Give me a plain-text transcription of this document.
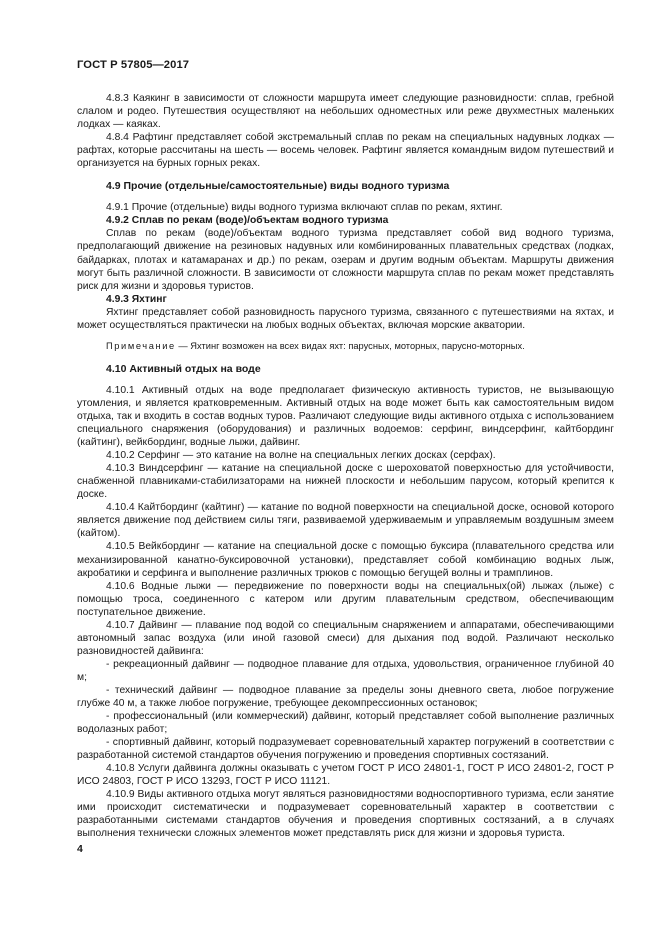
ГОСТ Р 57805—2017

4.8.3 Каякинг в зависимости от сложности маршрута имеет следующие разновидности: сплав, гребной слалом и родео. Путешествия осуществляют на небольших одноместных или реже двухместных маленьких лодках — каяках.

4.8.4 Рафтинг представляет собой экстремальный сплав по рекам на специальных надувных лодках — рафтах, которые рассчитаны на шесть — восемь человек. Рафтинг является командным видом путешествий и организуется на бурных горных реках.

4.9 Прочие (отдельные/самостоятельные) виды водного туризма

4.9.1 Прочие (отдельные) виды водного туризма включают сплав по рекам, яхтинг.

4.9.2 Сплав по рекам (воде)/объектам водного туризма

Сплав по рекам (воде)/объектам водного туризма представляет собой вид водного туризма, предполагающий движение на резиновых надувных или комбинированных плавательных средствах (лодках, байдарках, плотах и катамаранах и др.) по рекам, озерам и другим водным объектам. Маршруты движения могут быть различной сложности. В зависимости от сложности маршрута сплав по рекам может представлять риск для жизни и здоровья туристов.

4.9.3 Яхтинг

Яхтинг представляет собой разновидность парусного туризма, связанного с путешествиями на яхтах, и может осуществляться практически на любых водных объектах, включая морские акватории.

Примечание — Яхтинг возможен на всех видах яхт: парусных, моторных, парусно-моторных.

4.10 Активный отдых на воде

4.10.1 Активный отдых на воде предполагает физическую активность туристов, не вызывающую утомления, и является кратковременным. Активный отдых на воде может быть как самостоятельным видом отдыха, так и входить в состав водных туров. Различают следующие виды активного отдыха с использованием специального снаряжения (оборудования) и различных водоемов: серфинг, виндсерфинг, кайтбординг (кайтинг), вейкбординг, водные лыжи, дайвинг.

4.10.2 Серфинг — это катание на волне на специальных легких досках (серфах).

4.10.3 Виндсерфинг — катание на специальной доске с шероховатой поверхностью для устойчивости, снабженной плавниками-стабилизаторами на нижней плоскости и небольшим парусом, который крепится к доске.

4.10.4 Кайтбординг (кайтинг) — катание по водной поверхности на специальной доске, основой которого является движение под действием силы тяги, развиваемой удерживаемым и управляемым воздушным змеем (кайтом).

4.10.5 Вейкбординг — катание на специальной доске с помощью буксира (плавательного средства или механизированной канатно-буксировочной установки), представляет собой комбинацию водных лыж, акробатики и серфинга и выполнение различных трюков с помощью бегущей волны и трамплинов.

4.10.6 Водные лыжи — передвижение по поверхности воды на специальных(ой) лыжах (лыже) с помощью троса, соединенного с катером или другим плавательным средством, обеспечивающим поступательное движение.

4.10.7 Дайвинг — плавание под водой со специальным снаряжением и аппаратами, обеспечивающими автономный запас воздуха (или иной газовой смеси) для дыхания под водой. Различают несколько разновидностей дайвинга:

- рекреационный дайвинг — подводное плавание для отдыха, удовольствия, ограниченное глубиной 40 м;

- технический дайвинг — подводное плавание за пределы зоны дневного света, любое погружение глубже 40 м, а также любое погружение, требующее декомпрессионных остановок;

- профессиональный (или коммерческий) дайвинг, который представляет собой выполнение различных водолазных работ;

- спортивный дайвинг, который подразумевает соревновательный характер погружений в соответствии с разработанной системой стандартов обучения погружению и проведения спортивных состязаний.

4.10.8 Услуги дайвинга должны оказывать с учетом ГОСТ Р ИСО 24801-1, ГОСТ Р ИСО 24801-2, ГОСТ Р ИСО 24803, ГОСТ Р ИСО 13293, ГОСТ Р ИСО 11121.

4.10.9 Виды активного отдыха могут являться разновидностями водноспортивного туризма, если занятие ими происходит систематически и подразумевает соревновательный характер в соответствии с разработанными системами стандартов обучения и проведения спортивных состязаний, а в случаях выполнения технически сложных элементов может представлять риск для жизни и здоровья туриста.

4
